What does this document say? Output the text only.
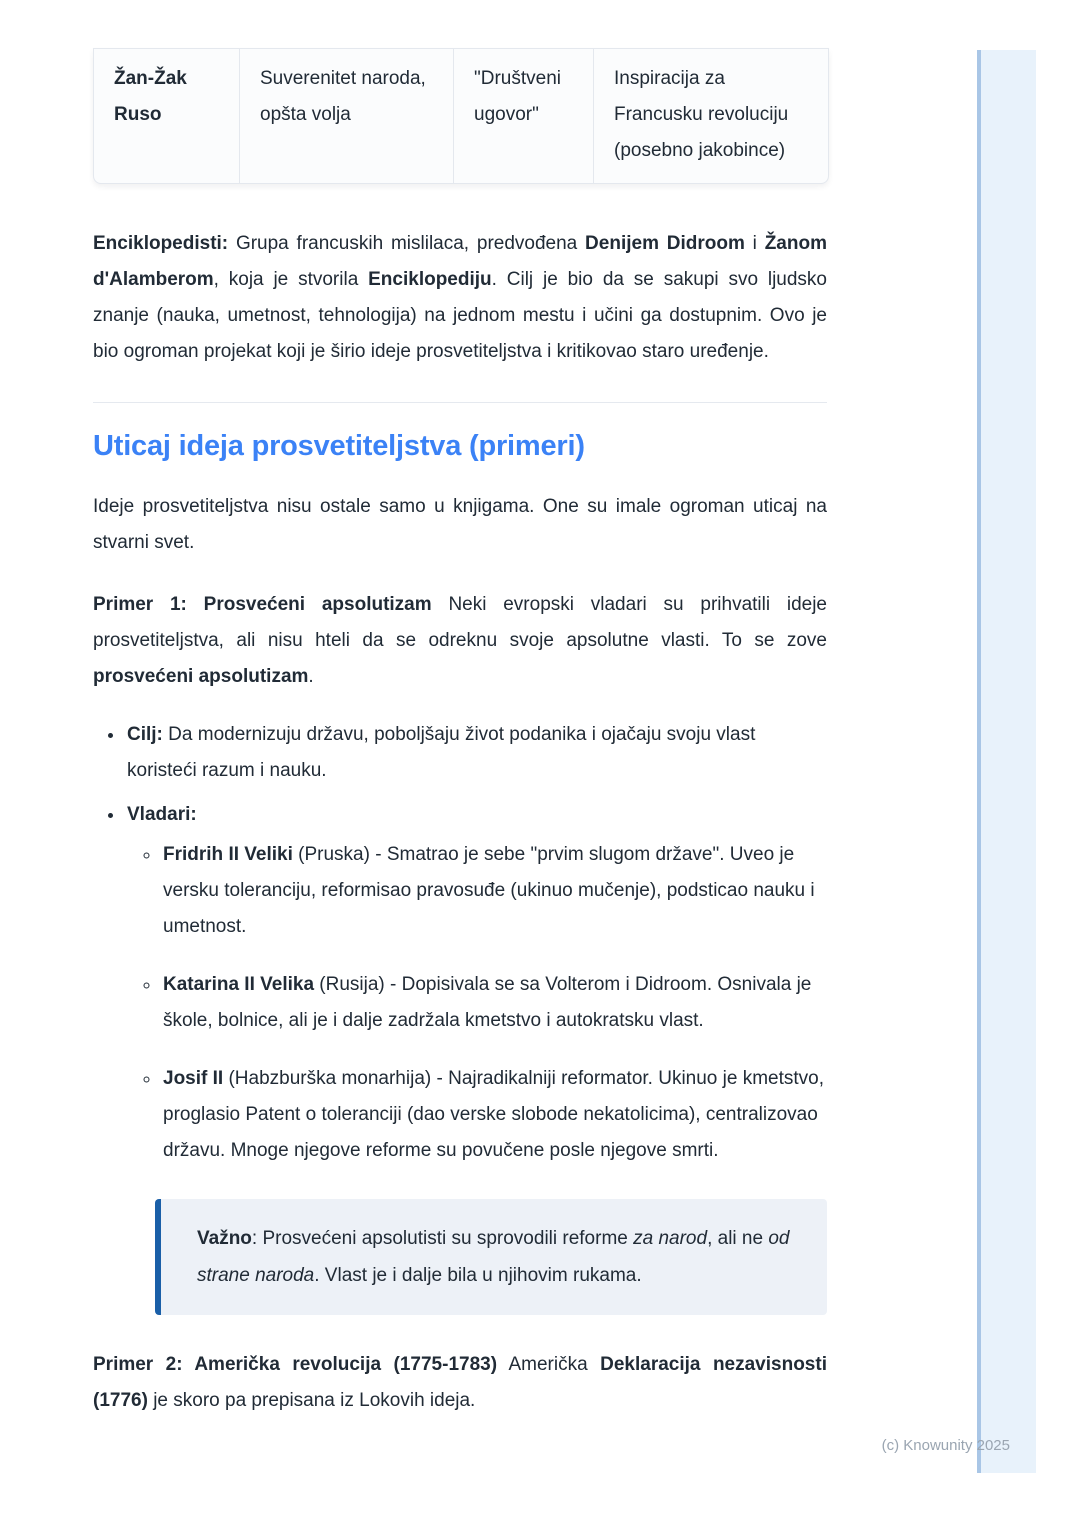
Žan-Žak Ruso	Suverenitet naroda, opšta volja	"Društveni ugovor"	Inspiracija za Francusku revoluciju (posebno jakobince)

Enciklopedisti: Grupa francuskih mislilaca, predvođena Denijem Didroom i Žanom d'Alamberom, koja je stvorila Enciklopediju. Cilj je bio da se sakupi svo ljudsko znanje (nauka, umetnost, tehnologija) na jednom mestu i učini ga dostupnim. Ovo je bio ogroman projekat koji je širio ideje prosvetiteljstva i kritikovao staro uređenje.

Uticaj ideja prosvetiteljstva (primeri)

Ideje prosvetiteljstva nisu ostale samo u knjigama. One su imale ogroman uticaj na stvarni svet.

Primer 1: Prosvećeni apsolutizam Neki evropski vladari su prihvatili ideje prosvetiteljstva, ali nisu hteli da se odreknu svoje apsolutne vlasti. To se zove prosvećeni apsolutizam.

• Cilj: Da modernizuju državu, poboljšaju život podanika i ojačaju svoju vlast koristeći razum i nauku.
• Vladari:
◦ Fridrih II Veliki (Pruska) - Smatrao je sebe "prvim slugom države". Uveo je versku toleranciju, reformisao pravosuđe (ukinuo mučenje), podsticao nauku i umetnost.
◦ Katarina II Velika (Rusija) - Dopisivala se sa Volterom i Didroom. Osnivala je škole, bolnice, ali je i dalje zadržala kmetstvo i autokratsku vlast.
◦ Josif II (Habzburška monarhija) - Najradikalniji reformator. Ukinuo je kmetstvo, proglasio Patent o toleranciji (dao verske slobode nekatolicima), centralizovao državu. Mnoge njegove reforme su povučene posle njegove smrti.

Važno: Prosvećeni apsolutisti su sprovodili reforme za narod, ali ne od strane naroda. Vlast je i dalje bila u njihovim rukama.

Primer 2: Američka revolucija (1775-1783) Američka Deklaracija nezavisnosti (1776) je skoro pa prepisana iz Lokovih ideja.

(c) Knowunity 2025
